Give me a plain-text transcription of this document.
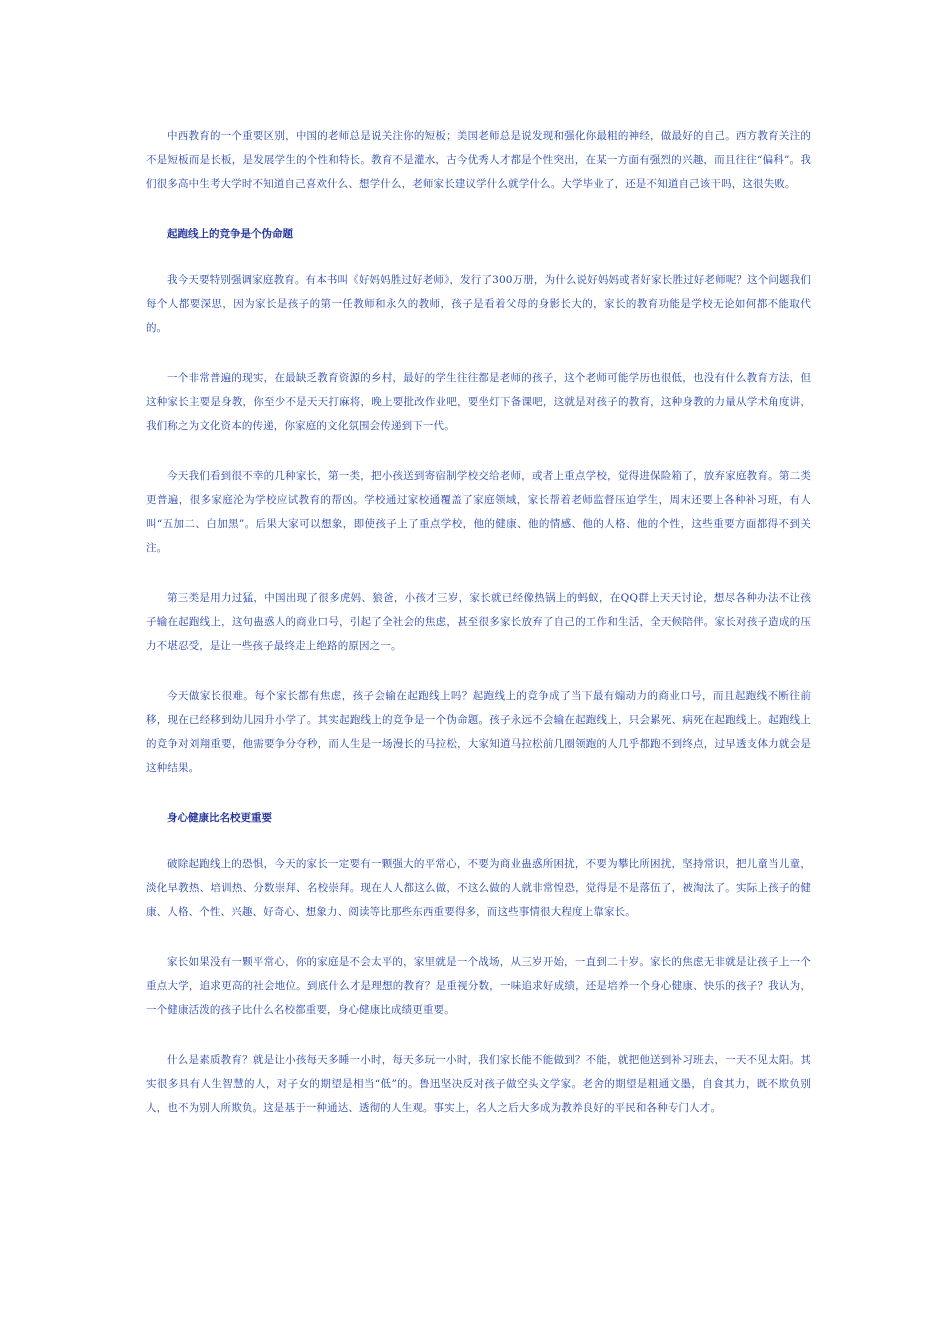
中西教育的一个重要区别，中国的老师总是说关注你的短板；美国老师总是说发现和强化你最粗的神经，做最好的自己。西方教育关注的不是短板而是长板，是发展学生的个性和特长。教育不是灌水，古今优秀人才都是个性突出，在某一方面有强烈的兴趣，而且往往“偏科”。我们很多高中生考大学时不知道自己喜欢什么、想学什么，老师家长建议学什么就学什么。大学毕业了，还是不知道自己该干吗，这很失败。

起跑线上的竞争是个伪命题

我今天要特别强调家庭教育。有本书叫《好妈妈胜过好老师》，发行了300万册，为什么说好妈妈或者好家长胜过好老师呢？这个问题我们每个人都要深思，因为家长是孩子的第一任教师和永久的教师，孩子是看着父母的身影长大的，家长的教育功能是学校无论如何都不能取代的。

一个非常普遍的现实，在最缺乏教育资源的乡村，最好的学生往往都是老师的孩子，这个老师可能学历也很低，也没有什么教育方法，但这种家长主要是身教，你至少不是天天打麻将，晚上要批改作业吧，要坐灯下备课吧，这就是对孩子的教育，这种身教的力量从学术角度讲，我们称之为文化资本的传递，你家庭的文化氛围会传递到下一代。

今天我们看到很不幸的几种家长，第一类，把小孩送到寄宿制学校交给老师，或者上重点学校，觉得进保险箱了，放弃家庭教育。第二类更普遍，很多家庭沦为学校应试教育的帮凶。学校通过家校通覆盖了家庭领域，家长帮着老师监督压迫学生，周末还要上各种补习班，有人叫“五加二、白加黑”。后果大家可以想象，即使孩子上了重点学校，他的健康、他的情感、他的人格、他的个性，这些重要方面都得不到关注。

第三类是用力过猛，中国出现了很多虎妈、狼爸，小孩才三岁，家长就已经像热锅上的蚂蚁，在QQ群上天天讨论，想尽各种办法不让孩子输在起跑线上，这句蛊惑人的商业口号，引起了全社会的焦虑，甚至很多家长放弃了自己的工作和生活，全天候陪伴。家长对孩子造成的压力不堪忍受，是让一些孩子最终走上绝路的原因之一。

今天做家长很难。每个家长都有焦虑，孩子会输在起跑线上吗？起跑线上的竞争成了当下最有煽动力的商业口号，而且起跑线不断往前移，现在已经移到幼儿园升小学了。其实起跑线上的竞争是一个伪命题。孩子永远不会输在起跑线上，只会累死、病死在起跑线上。起跑线上的竞争对刘翔重要，他需要争分夺秒，而人生是一场漫长的马拉松，大家知道马拉松前几圈领跑的人几乎都跑不到终点，过早透支体力就会是这种结果。

身心健康比名校更重要

破除起跑线上的恐惧，今天的家长一定要有一颗强大的平常心，不要为商业蛊惑所困扰，不要为攀比所困扰，坚持常识，把儿童当儿童，淡化早教热、培训热、分数崇拜、名校崇拜。现在人人都这么做，不这么做的人就非常惶恐，觉得是不是落伍了，被淘汰了。实际上孩子的健康、人格、个性、兴趣、好奇心、想象力、阅读等比那些东西重要得多，而这些事情很大程度上靠家长。

家长如果没有一颗平常心，你的家庭是不会太平的，家里就是一个战场，从三岁开始，一直到二十岁。家长的焦虑无非就是让孩子上一个重点大学，追求更高的社会地位。到底什么才是理想的教育？是重视分数，一味追求好成绩，还是培养一个身心健康、快乐的孩子？我认为，一个健康活泼的孩子比什么名校都重要，身心健康比成绩更重要。

什么是素质教育？就是让小孩每天多睡一小时，每天多玩一小时，我们家长能不能做到？不能，就把他送到补习班去，一天不见太阳。其实很多具有人生智慧的人，对子女的期望是相当“低”的。鲁迅坚决反对孩子做空头文学家。老舍的期望是粗通文墨，自食其力，既不欺负别人，也不为别人所欺负。这是基于一种通达、透彻的人生观。事实上，名人之后大多成为教养良好的平民和各种专门人才。
